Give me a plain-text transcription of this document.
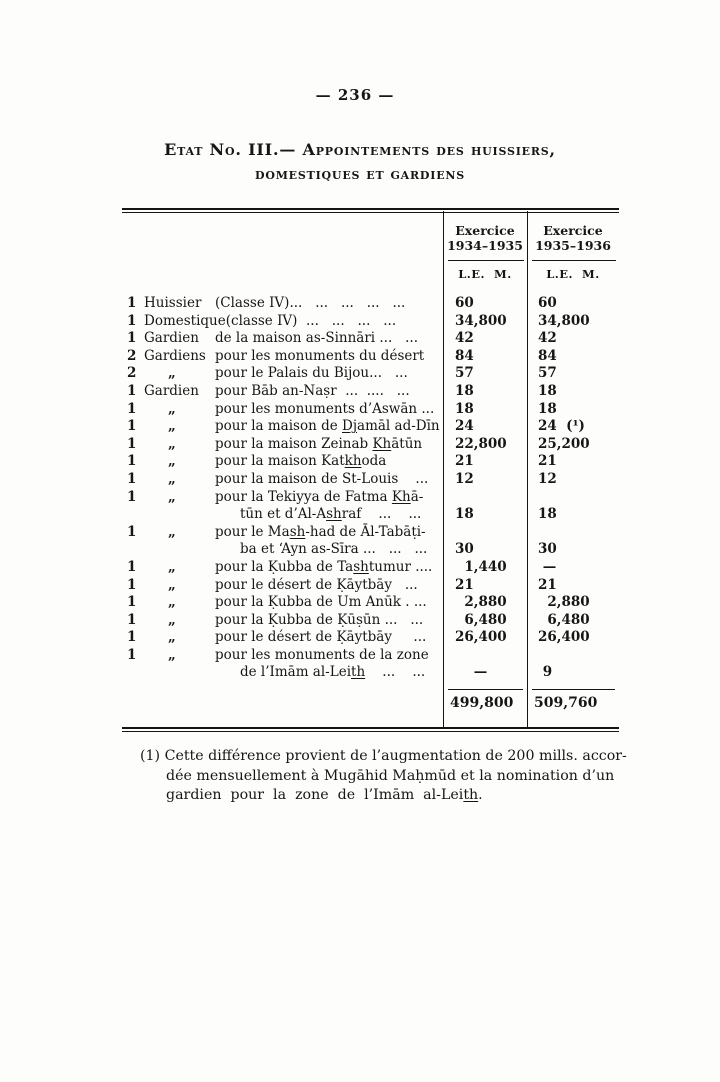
— 236 —
Etat No. III.— Appointements des huissiers,
domestiques et gardiens
Exercice
1934–1935
L.E.  M.
Exercice
1935–1936
L.E.  M.
1 Huissier	(Classe IV)...   ...   ...   ...   ...	60	60
1 Domestique (classe IV)  ...   ...   ...   ...	34,800 34,800
1 Gardien	de la maison as-Sinnāri ...   ...	42	42
2 Gardiens pour les monuments du désert	84	84
2	„	pour le Palais du Bijou...   ...	57	57
1 Gardien	pour Bāb an-Naṣr  ...  ....   ...	18	18
1	„	pour les monuments d’Aswān ...	18	18
1	„	pour la maison de Djamāl ad-Dīn	24	24  (¹)
1	„	pour la maison Zeinab Khātūn	22,800 25,200
1	„	pour la maison Katkhoda	21	21
1	„	pour la maison de St-Louis    ...	12	12
1	„	pour la Tekiyya de Fatma Khā-
tūn et d’Al-Ashraf    ...    ...	18	18
1	„	pour le Mash-had de Āl-Tabāṭi-
ba et ‘Ayn as-Sīra ...   ...   ...	30	30
1	„	pour la Ḳubba de Tashtumur ....	1,440 —
1	„	pour le désert de Ḳāytbāy   ...	21	21
1	„	pour la Ḳubba de Um Anūk . ...	2,880 2,880
1	„	pour la Ḳubba de Ḳūṣūn ...   ...	6,480 6,480
1	„	pour le désert de Ḳāytbāy     ...	26,400 26,400
1	„	pour les monuments de la zone
de l’Imām al-Leith    ...    ...	—	9
499,800	509,760
(1) Cette différence provient de l’augmentation de 200 mills. accor-
dée mensuellement à Mugāhid Maḥmūd et la nomination d’un
gardien  pour  la  zone  de  l’Imām  al-Leith.
